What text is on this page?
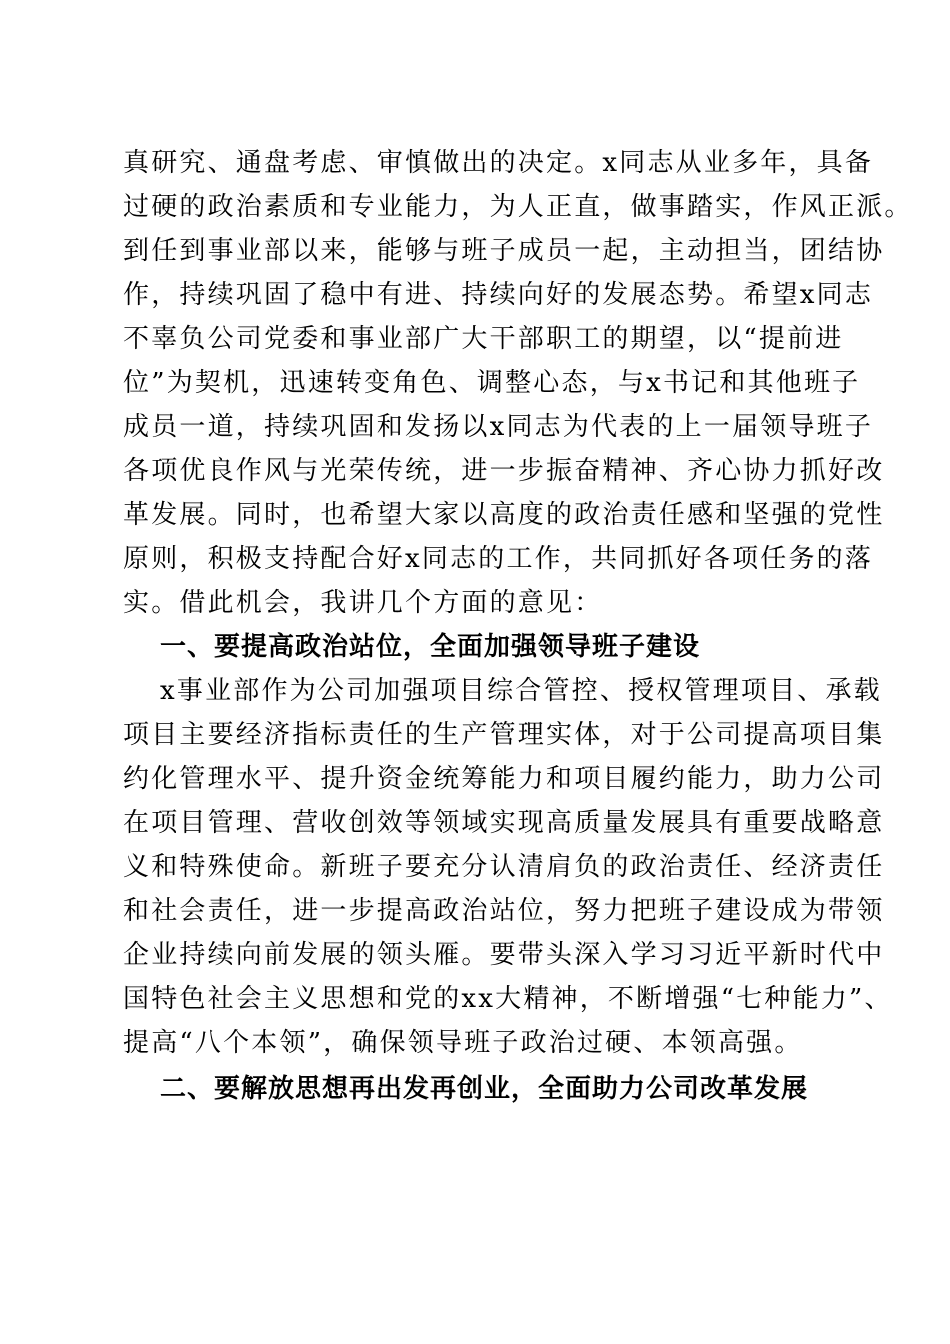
真研究、通盘考虑、审慎做出的决定。x同志从业多年，具备
过硬的政治素质和专业能力，为人正直，做事踏实，作风正派。
到任到事业部以来，能够与班子成员一起，主动担当，团结协
作，持续巩固了稳中有进、持续向好的发展态势。希望x同志
不辜负公司党委和事业部广大干部职工的期望，以“提前进
位”为契机，迅速转变角色、调整心态，与x书记和其他班子
成员一道，持续巩固和发扬以x同志为代表的上一届领导班子
各项优良作风与光荣传统，进一步振奋精神、齐心协力抓好改
革发展。同时，也希望大家以高度的政治责任感和坚强的党性
原则，积极支持配合好x同志的工作，共同抓好各项任务的落
实。借此机会，我讲几个方面的意见：
一、要提高政治站位，全面加强领导班子建设
x事业部作为公司加强项目综合管控、授权管理项目、承载
项目主要经济指标责任的生产管理实体，对于公司提高项目集
约化管理水平、提升资金统筹能力和项目履约能力，助力公司
在项目管理、营收创效等领域实现高质量发展具有重要战略意
义和特殊使命。新班子要充分认清肩负的政治责任、经济责任
和社会责任，进一步提高政治站位，努力把班子建设成为带领
企业持续向前发展的领头雁。要带头深入学习习近平新时代中
国特色社会主义思想和党的xx大精神，不断增强“七种能力”、
提高“八个本领”，确保领导班子政治过硬、本领高强。
二、要解放思想再出发再创业，全面助力公司改革发展
